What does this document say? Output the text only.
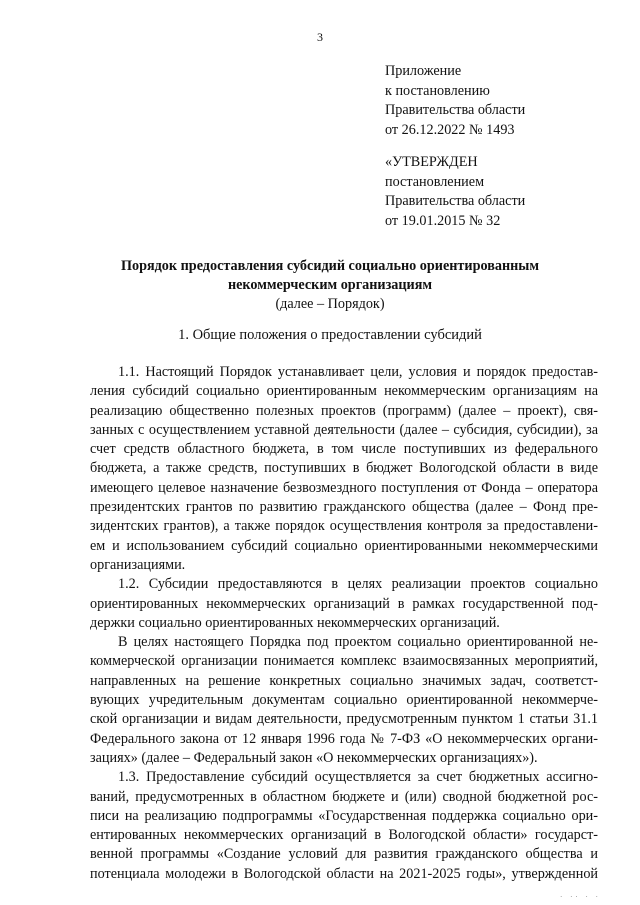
3
Приложение
к постановлению
Правительства области
от 26.12.2022 № 1493
«УТВЕРЖДЕН
постановлением
Правительства области
от 19.01.2015 № 32
Порядок предоставления субсидий социально ориентированным
некоммерческим организациям
(далее – Порядок)
1. Общие положения о предоставлении субсидий
1.1. Настоящий Порядок устанавливает цели, условия и порядок предостав-
ления субсидий социально ориентированным некоммерческим организациям на
реализацию общественно полезных проектов (программ) (далее – проект), свя-
занных с осуществлением уставной деятельности (далее – субсидия, субсидии), за
счет средств областного бюджета, в том числе поступивших из федерального
бюджета, а также средств, поступивших в бюджет Вологодской области в виде
имеющего целевое назначение безвозмездного поступления от Фонда – оператора
президентских грантов по развитию гражданского общества (далее – Фонд пре-
зидентских грантов), а также порядок осуществления контроля за предоставлени-
ем и использованием субсидий социально ориентированными некоммерческими
организациями.
1.2. Субсидии предоставляются в целях реализации проектов социально
ориентированных некоммерческих организаций в рамках государственной под-
держки социально ориентированных некоммерческих организаций.
В целях настоящего Порядка под проектом социально ориентированной не-
коммерческой организации понимается комплекс взаимосвязанных мероприятий,
направленных на решение конкретных социально значимых задач, соответст-
вующих учредительным документам социально ориентированной некоммерче-
ской организации и видам деятельности, предусмотренным пунктом 1 статьи 31.1
Федерального закона от 12 января 1996 года № 7-ФЗ «О некоммерческих органи-
зациях» (далее – Федеральный закон «О некоммерческих организациях»).
1.3. Предоставление субсидий осуществляется за счет бюджетных ассигно-
ваний, предусмотренных в областном бюджете и (или) сводной бюджетной рос-
писи на реализацию подпрограммы «Государственная поддержка социально ори-
ентированных некоммерческих организаций в Вологодской области» государст-
венной программы «Создание условий для развития гражданского общества и
потенциала молодежи в Вологодской области на 2021-2025 годы», утвержденной
· ·· · ·
